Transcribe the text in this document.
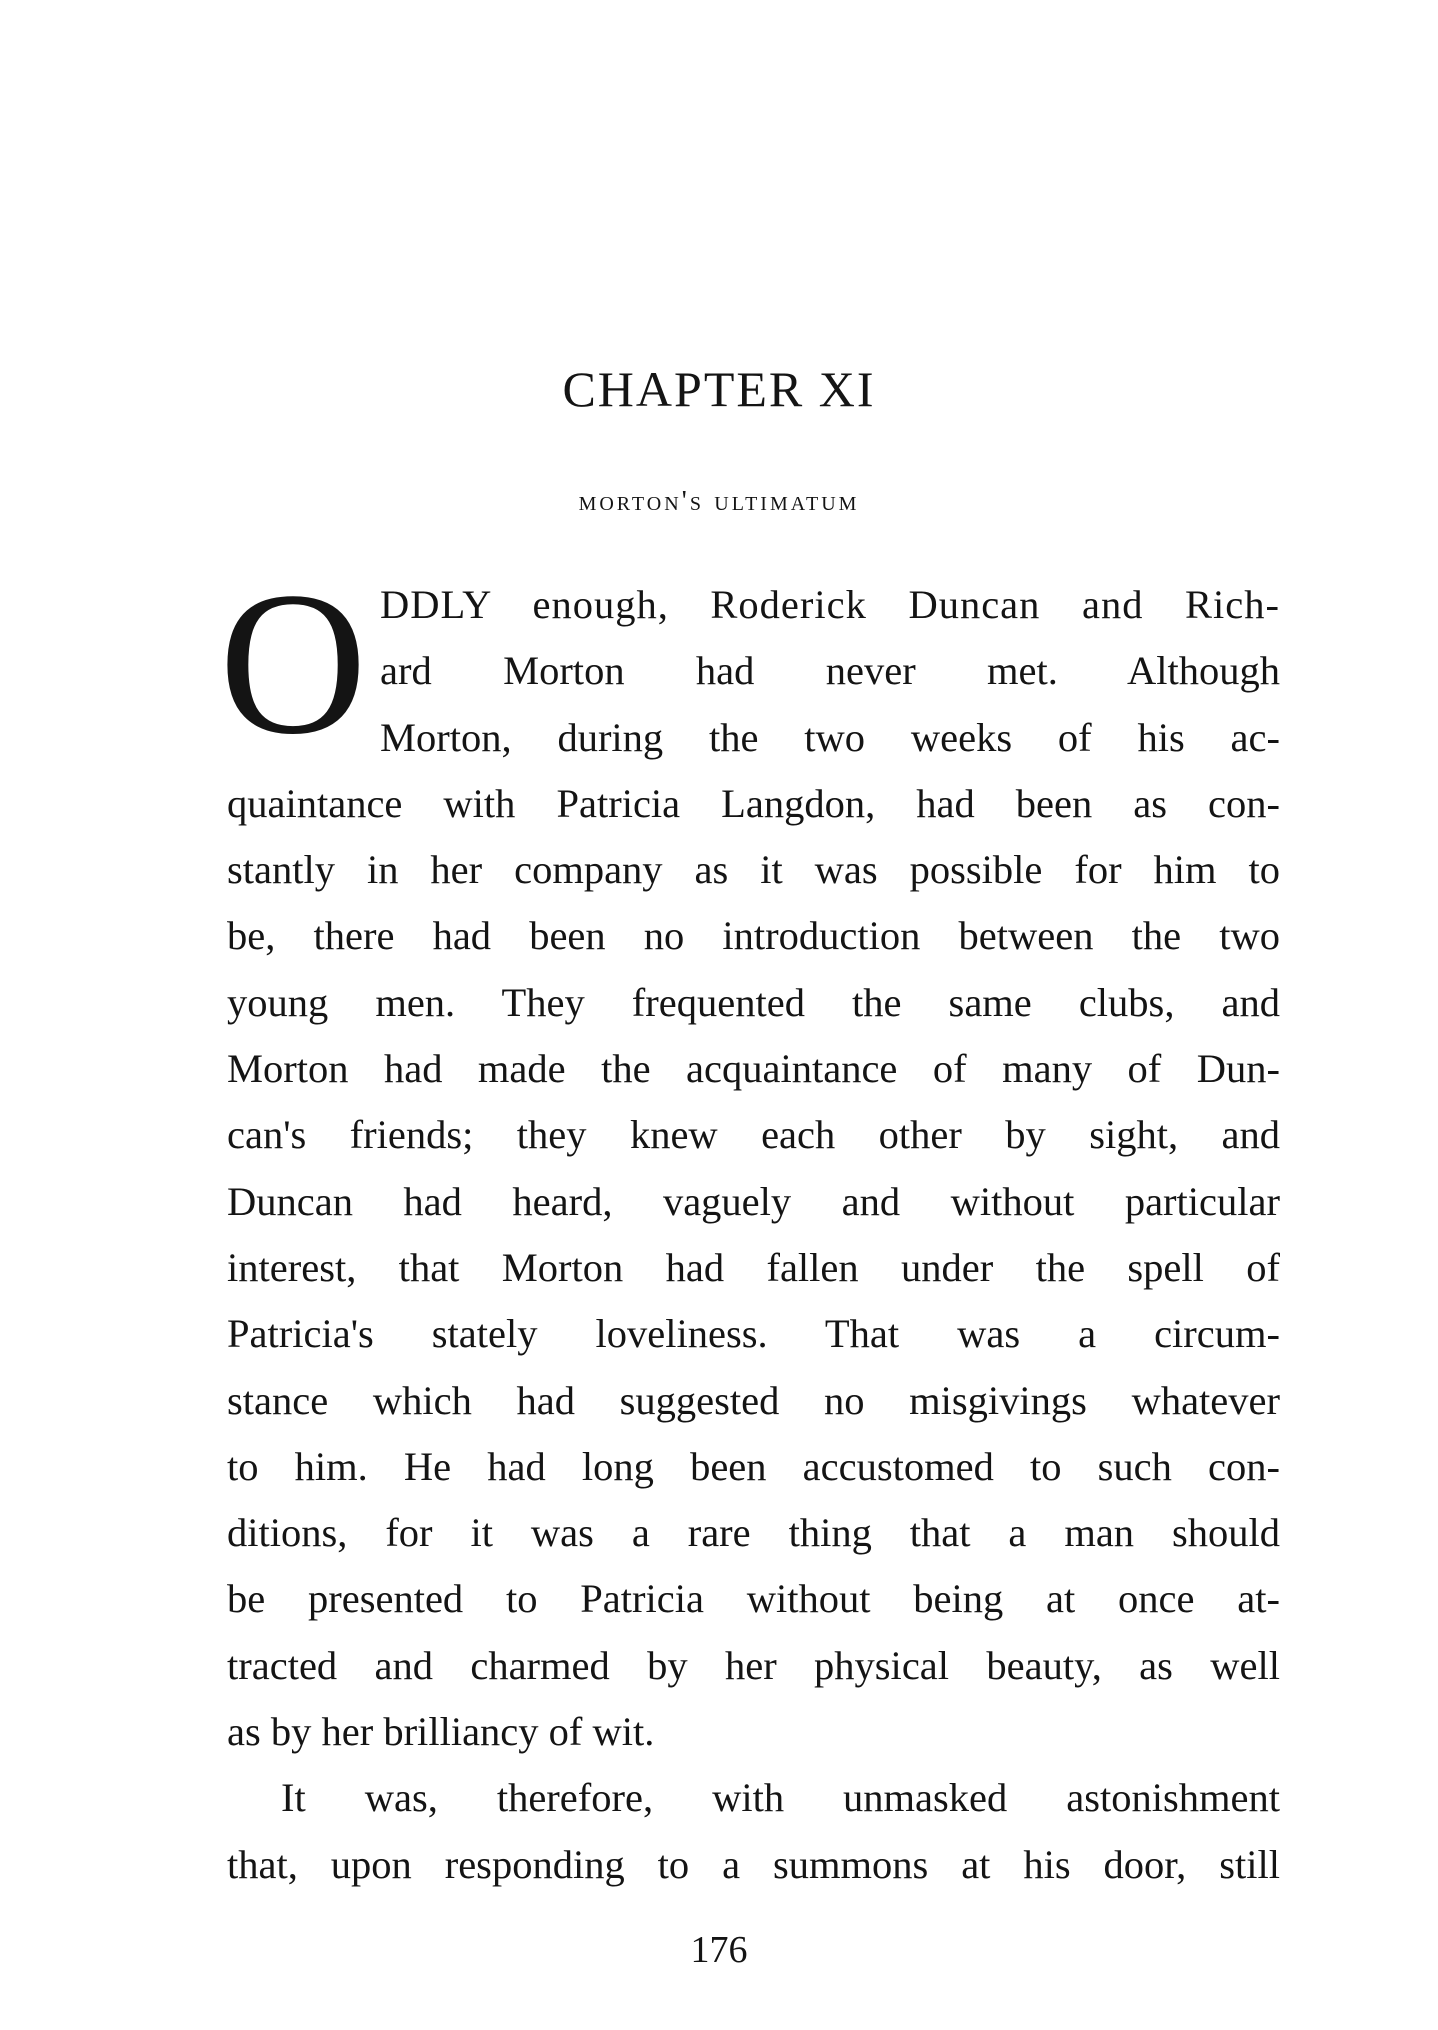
CHAPTER XI
morton's ultimatum
O DDLY enough, Roderick Duncan and Rich-
ard Morton had never met. Although
Morton, during the two weeks of his ac-
quaintance with Patricia Langdon, had been as con-
stantly in her company as it was possible for him to
be, there had been no introduction between the two
young men. They frequented the same clubs, and
Morton had made the acquaintance of many of Dun-
can's friends; they knew each other by sight, and
Duncan had heard, vaguely and without particular
interest, that Morton had fallen under the spell of
Patricia's stately loveliness. That was a circum-
stance which had suggested no misgivings whatever
to him. He had long been accustomed to such con-
ditions, for it was a rare thing that a man should
be presented to Patricia without being at once at-
tracted and charmed by her physical beauty, as well
as by her brilliancy of wit.
It was, therefore, with unmasked astonishment
that, upon responding to a summons at his door, still
176
